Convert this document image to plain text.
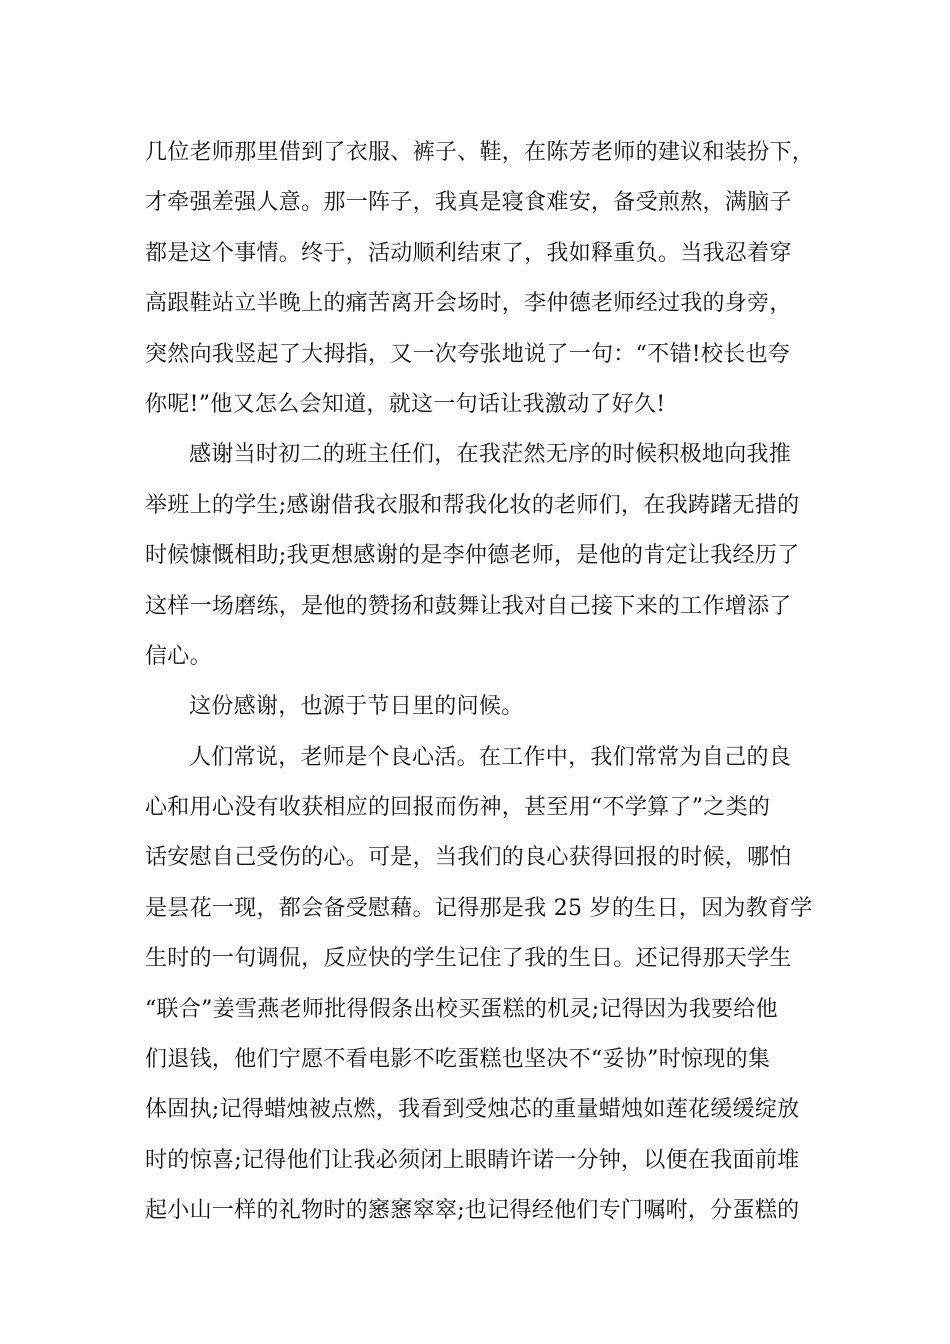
几位老师那里借到了衣服、裤子、鞋，在陈芳老师的建议和装扮下，
才牵强差强人意。那一阵子，我真是寝食难安，备受煎熬，满脑子
都是这个事情。终于，活动顺利结束了，我如释重负。当我忍着穿
高跟鞋站立半晚上的痛苦离开会场时，李仲德老师经过我的身旁，
突然向我竖起了大拇指，又一次夸张地说了一句：“不错!校长也夸
你呢!”他又怎么会知道，就这一句话让我激动了好久!
感谢当时初二的班主任们，在我茫然无序的时候积极地向我推
举班上的学生;感谢借我衣服和帮我化妆的老师们，在我踌躇无措的
时候慷慨相助;我更想感谢的是李仲德老师，是他的肯定让我经历了
这样一场磨练，是他的赞扬和鼓舞让我对自己接下来的工作增添了
信心。
这份感谢，也源于节日里的问候。
人们常说，老师是个良心活。在工作中，我们常常为自己的良
心和用心没有收获相应的回报而伤神，甚至用“不学算了”之类的
话安慰自己受伤的心。可是，当我们的良心获得回报的时候，哪怕
是昙花一现，都会备受慰藉。记得那是我 25 岁的生日，因为教育学
生时的一句调侃，反应快的学生记住了我的生日。还记得那天学生
“联合”姜雪燕老师批得假条出校买蛋糕的机灵;记得因为我要给他
们退钱，他们宁愿不看电影不吃蛋糕也坚决不“妥协”时惊现的集
体固执;记得蜡烛被点燃，我看到受烛芯的重量蜡烛如莲花缓缓绽放
时的惊喜;记得他们让我必须闭上眼睛许诺一分钟，以便在我面前堆
起小山一样的礼物时的窸窸窣窣;也记得经他们专门嘱咐，分蛋糕的
